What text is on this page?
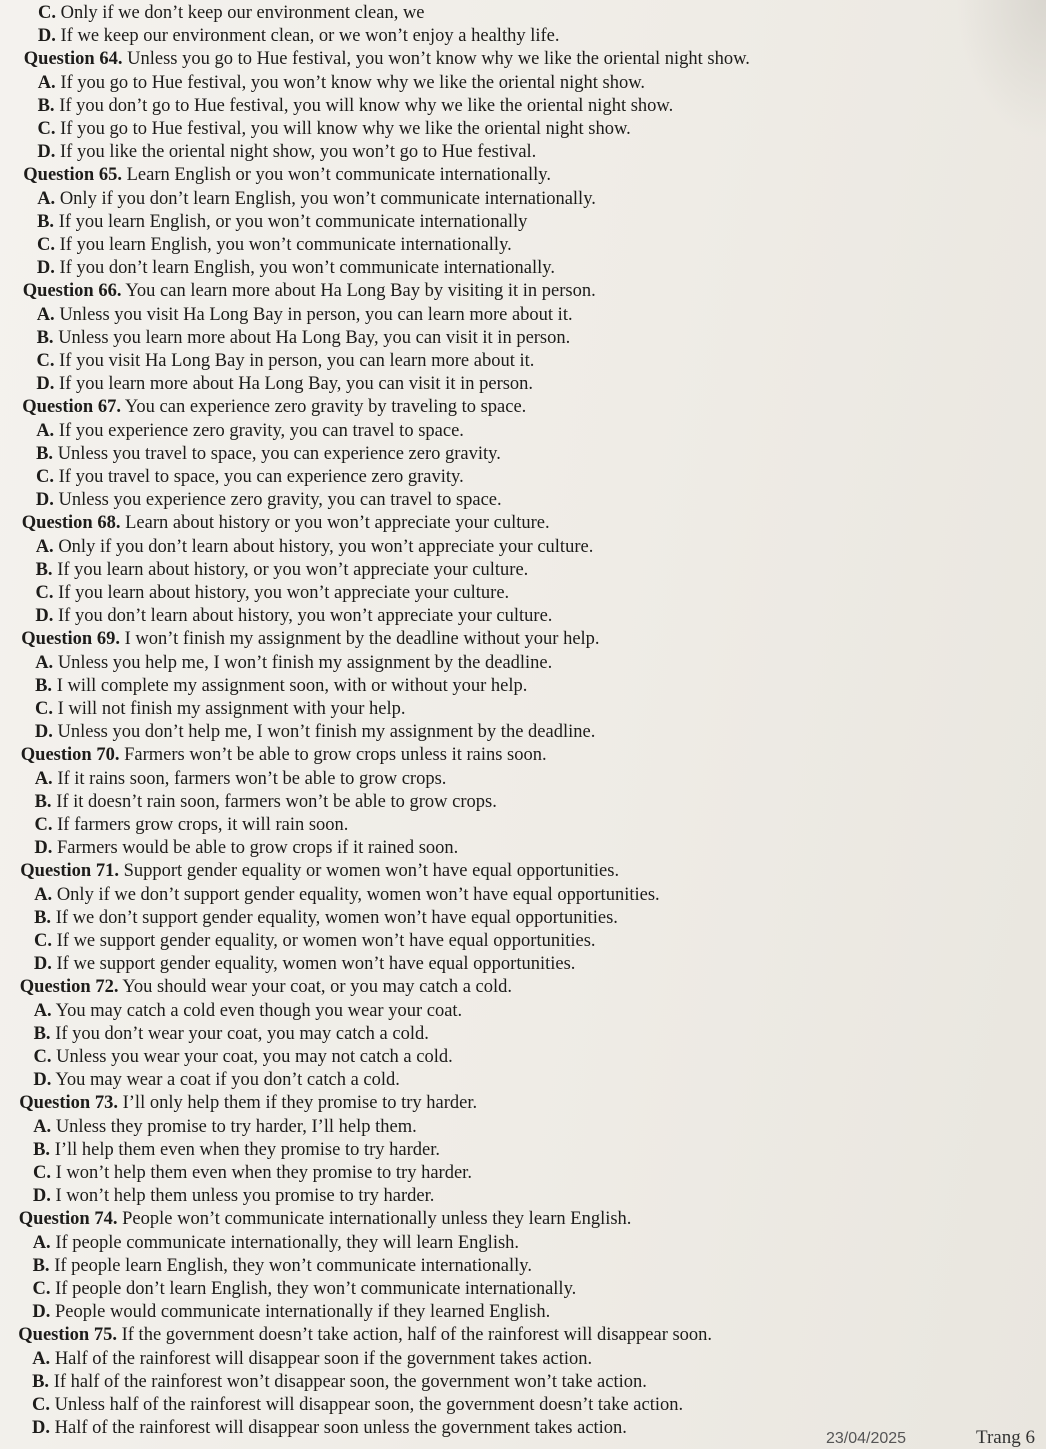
C. Only if we don’t keep our environment clean, we
D. If we keep our environment clean, or we won’t enjoy a healthy life.
Question 64. Unless you go to Hue festival, you won’t know why we like the oriental night show.
A. If you go to Hue festival, you won’t know why we like the oriental night show.
B. If you don’t go to Hue festival, you will know why we like the oriental night show.
C. If you go to Hue festival, you will know why we like the oriental night show.
D. If you like the oriental night show, you won’t go to Hue festival.
Question 65. Learn English or you won’t communicate internationally.
A. Only if you don’t learn English, you won’t communicate internationally.
B. If you learn English, or you won’t communicate internationally
C. If you learn English, you won’t communicate internationally.
D. If you don’t learn English, you won’t communicate internationally.
Question 66. You can learn more about Ha Long Bay by visiting it in person.
A. Unless you visit Ha Long Bay in person, you can learn more about it.
B. Unless you learn more about Ha Long Bay, you can visit it in person.
C. If you visit Ha Long Bay in person, you can learn more about it.
D. If you learn more about Ha Long Bay, you can visit it in person.
Question 67. You can experience zero gravity by traveling to space.
A. If you experience zero gravity, you can travel to space.
B. Unless you travel to space, you can experience zero gravity.
C. If you travel to space, you can experience zero gravity.
D. Unless you experience zero gravity, you can travel to space.
Question 68. Learn about history or you won’t appreciate your culture.
A. Only if you don’t learn about history, you won’t appreciate your culture.
B. If you learn about history, or you won’t appreciate your culture.
C. If you learn about history, you won’t appreciate your culture.
D. If you don’t learn about history, you won’t appreciate your culture.
Question 69. I won’t finish my assignment by the deadline without your help.
A. Unless you help me, I won’t finish my assignment by the deadline.
B. I will complete my assignment soon, with or without your help.
C. I will not finish my assignment with your help.
D. Unless you don’t help me, I won’t finish my assignment by the deadline.
Question 70. Farmers won’t be able to grow crops unless it rains soon.
A. If it rains soon, farmers won’t be able to grow crops.
B. If it doesn’t rain soon, farmers won’t be able to grow crops.
C. If farmers grow crops, it will rain soon.
D. Farmers would be able to grow crops if it rained soon.
Question 71. Support gender equality or women won’t have equal opportunities.
A. Only if we don’t support gender equality, women won’t have equal opportunities.
B. If we don’t support gender equality, women won’t have equal opportunities.
C. If we support gender equality, or women won’t have equal opportunities.
D. If we support gender equality, women won’t have equal opportunities.
Question 72. You should wear your coat, or you may catch a cold.
A. You may catch a cold even though you wear your coat.
B. If you don’t wear your coat, you may catch a cold.
C. Unless you wear your coat, you may not catch a cold.
D. You may wear a coat if you don’t catch a cold.
Question 73. I’ll only help them if they promise to try harder.
A. Unless they promise to try harder, I’ll help them.
B. I’ll help them even when they promise to try harder.
C. I won’t help them even when they promise to try harder.
D. I won’t help them unless you promise to try harder.
Question 74. People won’t communicate internationally unless they learn English.
A. If people communicate internationally, they will learn English.
B. If people learn English, they won’t communicate internationally.
C. If people don’t learn English, they won’t communicate internationally.
D. People would communicate internationally if they learned English.
Question 75. If the government doesn’t take action, half of the rainforest will disappear soon.
A. Half of the rainforest will disappear soon if the government takes action.
B. If half of the rainforest won’t disappear soon, the government won’t take action.
C. Unless half of the rainforest will disappear soon, the government doesn’t take action.
D. Half of the rainforest will disappear soon unless the government takes action.
23/04/2025	Trang 6
